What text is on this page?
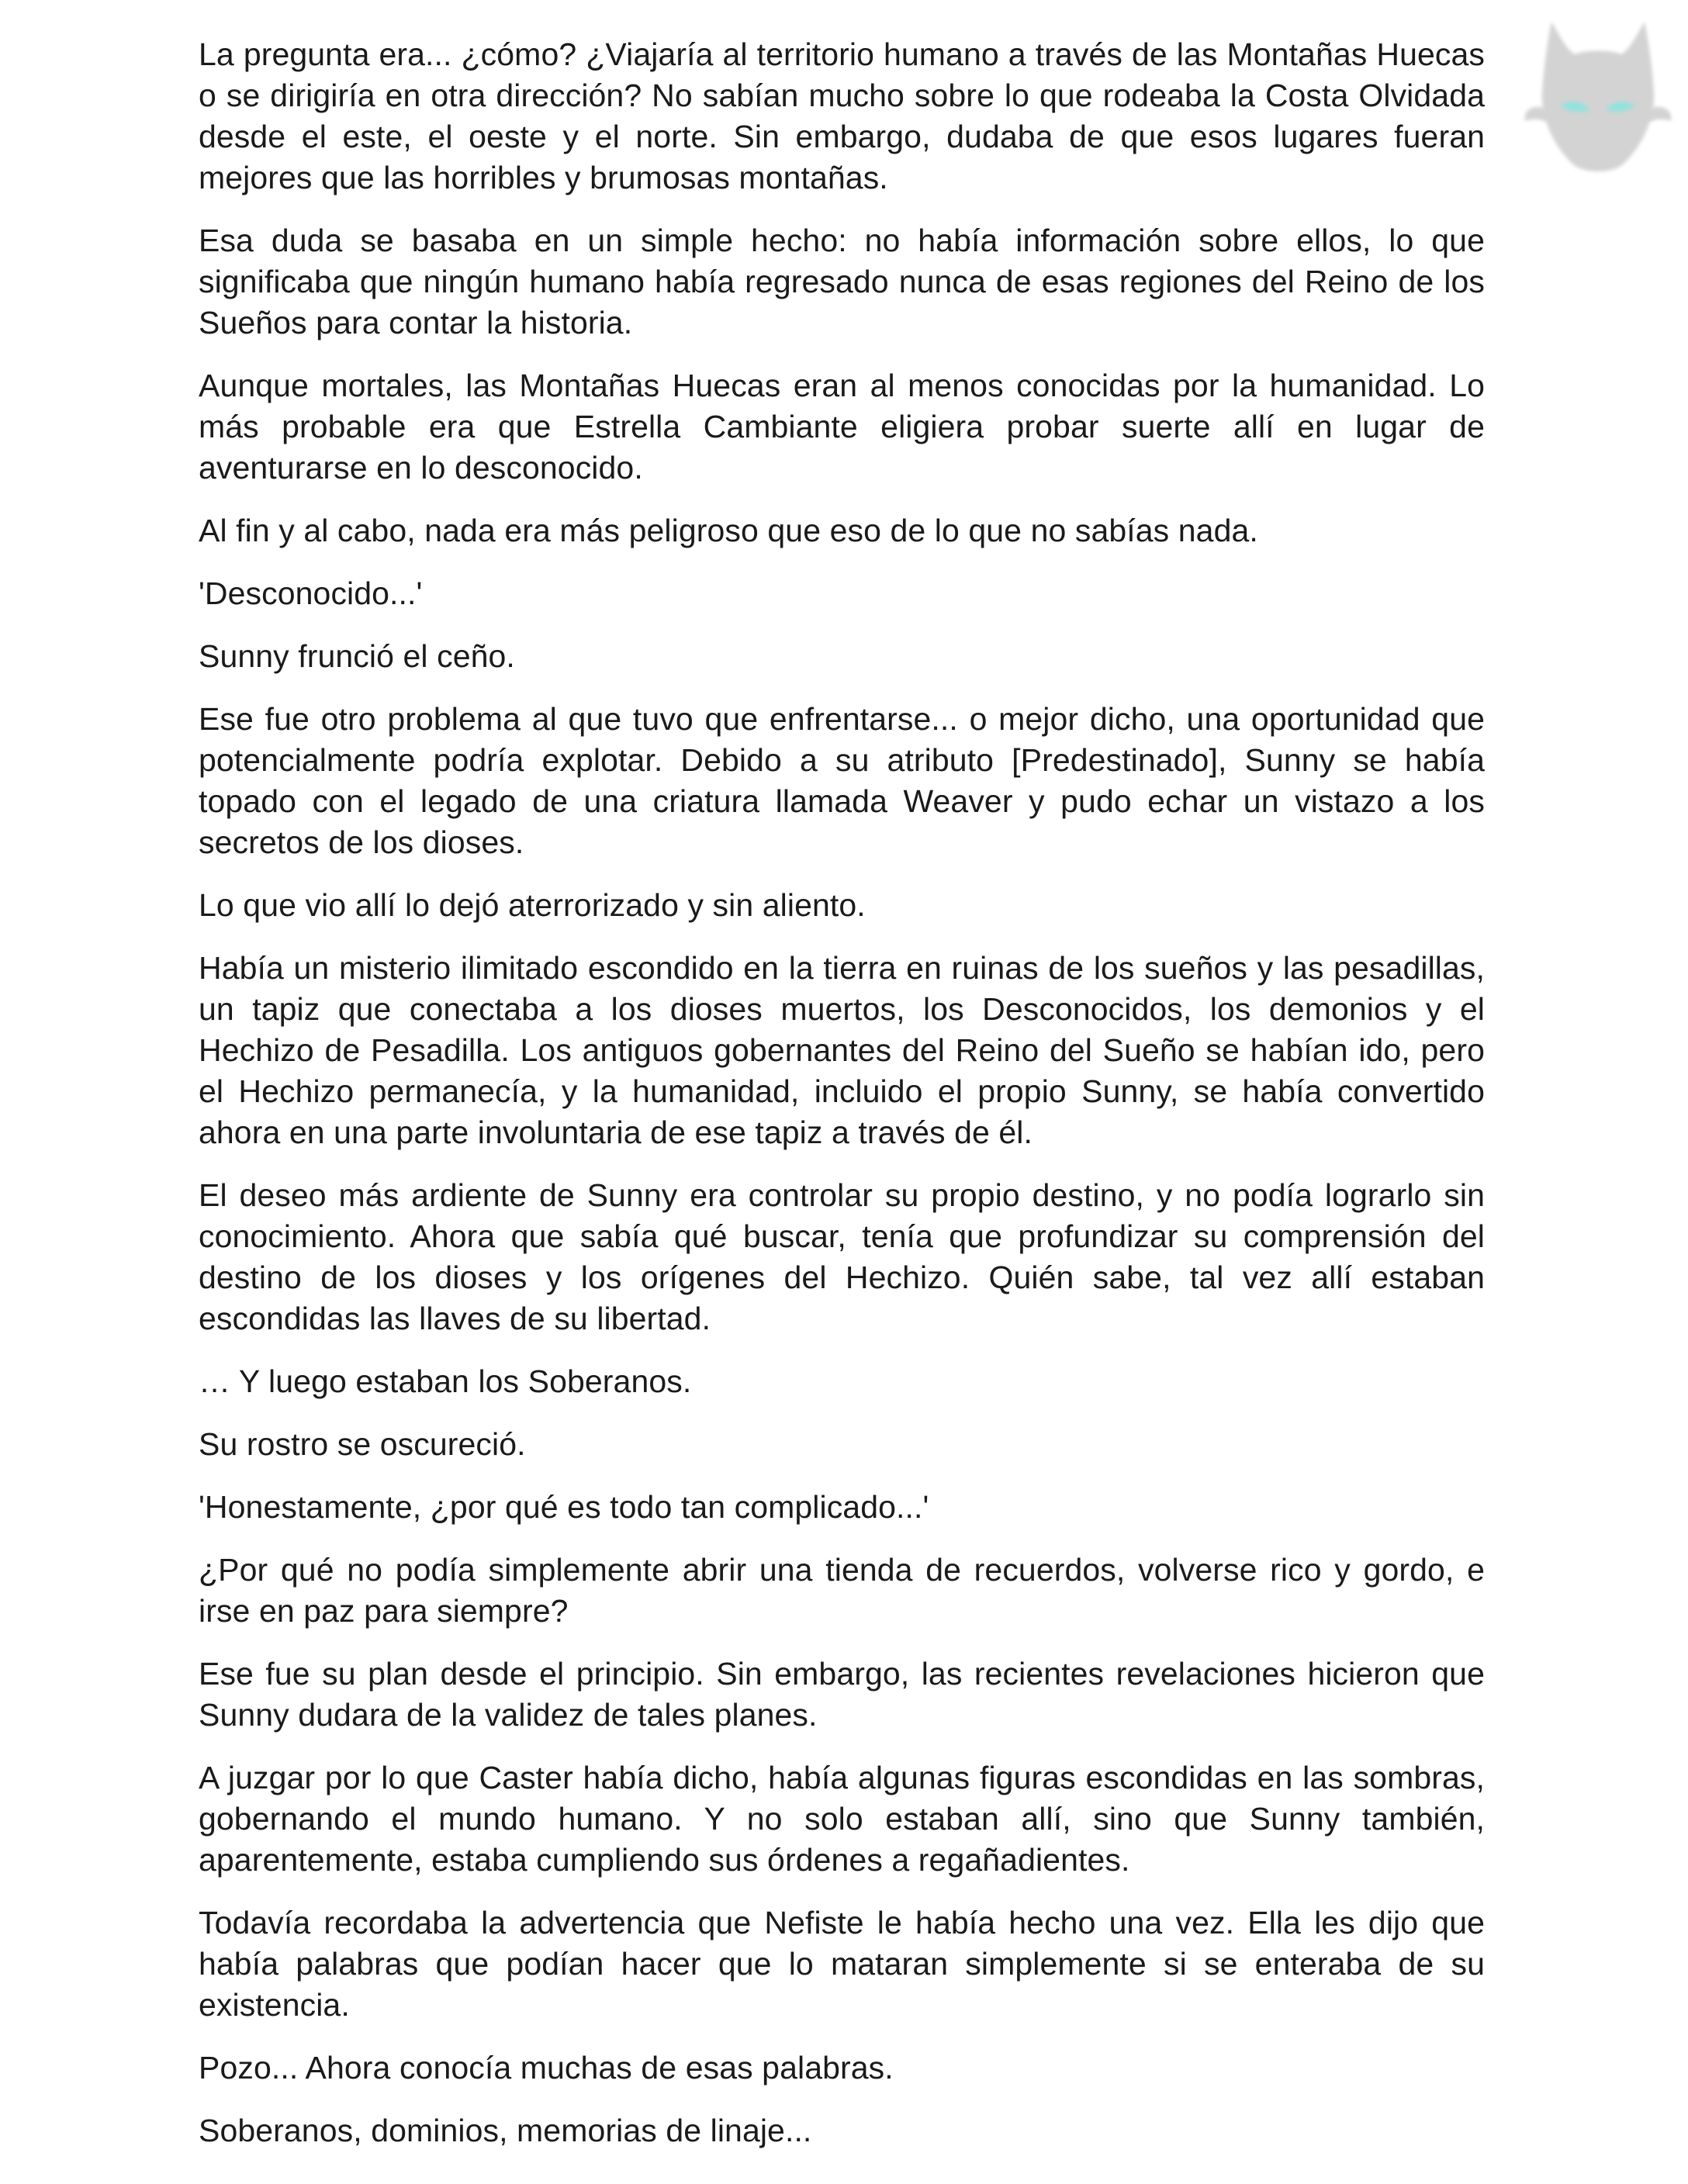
La pregunta era... ¿cómo? ¿Viajaría al territorio humano a través de las Montañas Huecas o se dirigiría en otra dirección? No sabían mucho sobre lo que rodeaba la Costa Olvidada desde el este, el oeste y el norte. Sin embargo, dudaba de que esos lugares fueran mejores que las horribles y brumosas montañas.

Esa duda se basaba en un simple hecho: no había información sobre ellos, lo que significaba que ningún humano había regresado nunca de esas regiones del Reino de los Sueños para contar la historia.

Aunque mortales, las Montañas Huecas eran al menos conocidas por la humanidad. Lo más probable era que Estrella Cambiante eligiera probar suerte allí en lugar de aventurarse en lo desconocido.

Al fin y al cabo, nada era más peligroso que eso de lo que no sabías nada.

'Desconocido...'

Sunny frunció el ceño.

Ese fue otro problema al que tuvo que enfrentarse... o mejor dicho, una oportunidad que potencialmente podría explotar. Debido a su atributo [Predestinado], Sunny se había topado con el legado de una criatura llamada Weaver y pudo echar un vistazo a los secretos de los dioses.

Lo que vio allí lo dejó aterrorizado y sin aliento.

Había un misterio ilimitado escondido en la tierra en ruinas de los sueños y las pesadillas, un tapiz que conectaba a los dioses muertos, los Desconocidos, los demonios y el Hechizo de Pesadilla. Los antiguos gobernantes del Reino del Sueño se habían ido, pero el Hechizo permanecía, y la humanidad, incluido el propio Sunny, se había convertido ahora en una parte involuntaria de ese tapiz a través de él.

El deseo más ardiente de Sunny era controlar su propio destino, y no podía lograrlo sin conocimiento. Ahora que sabía qué buscar, tenía que profundizar su comprensión del destino de los dioses y los orígenes del Hechizo. Quién sabe, tal vez allí estaban escondidas las llaves de su libertad.

… Y luego estaban los Soberanos.

Su rostro se oscureció.

'Honestamente, ¿por qué es todo tan complicado...'

¿Por qué no podía simplemente abrir una tienda de recuerdos, volverse rico y gordo, e irse en paz para siempre?

Ese fue su plan desde el principio. Sin embargo, las recientes revelaciones hicieron que Sunny dudara de la validez de tales planes.

A juzgar por lo que Caster había dicho, había algunas figuras escondidas en las sombras, gobernando el mundo humano. Y no solo estaban allí, sino que Sunny también, aparentemente, estaba cumpliendo sus órdenes a regañadientes.

Todavía recordaba la advertencia que Nefiste le había hecho una vez. Ella les dijo que había palabras que podían hacer que lo mataran simplemente si se enteraba de su existencia.

Pozo... Ahora conocía muchas de esas palabras.

Soberanos, dominios, memorias de linaje...
